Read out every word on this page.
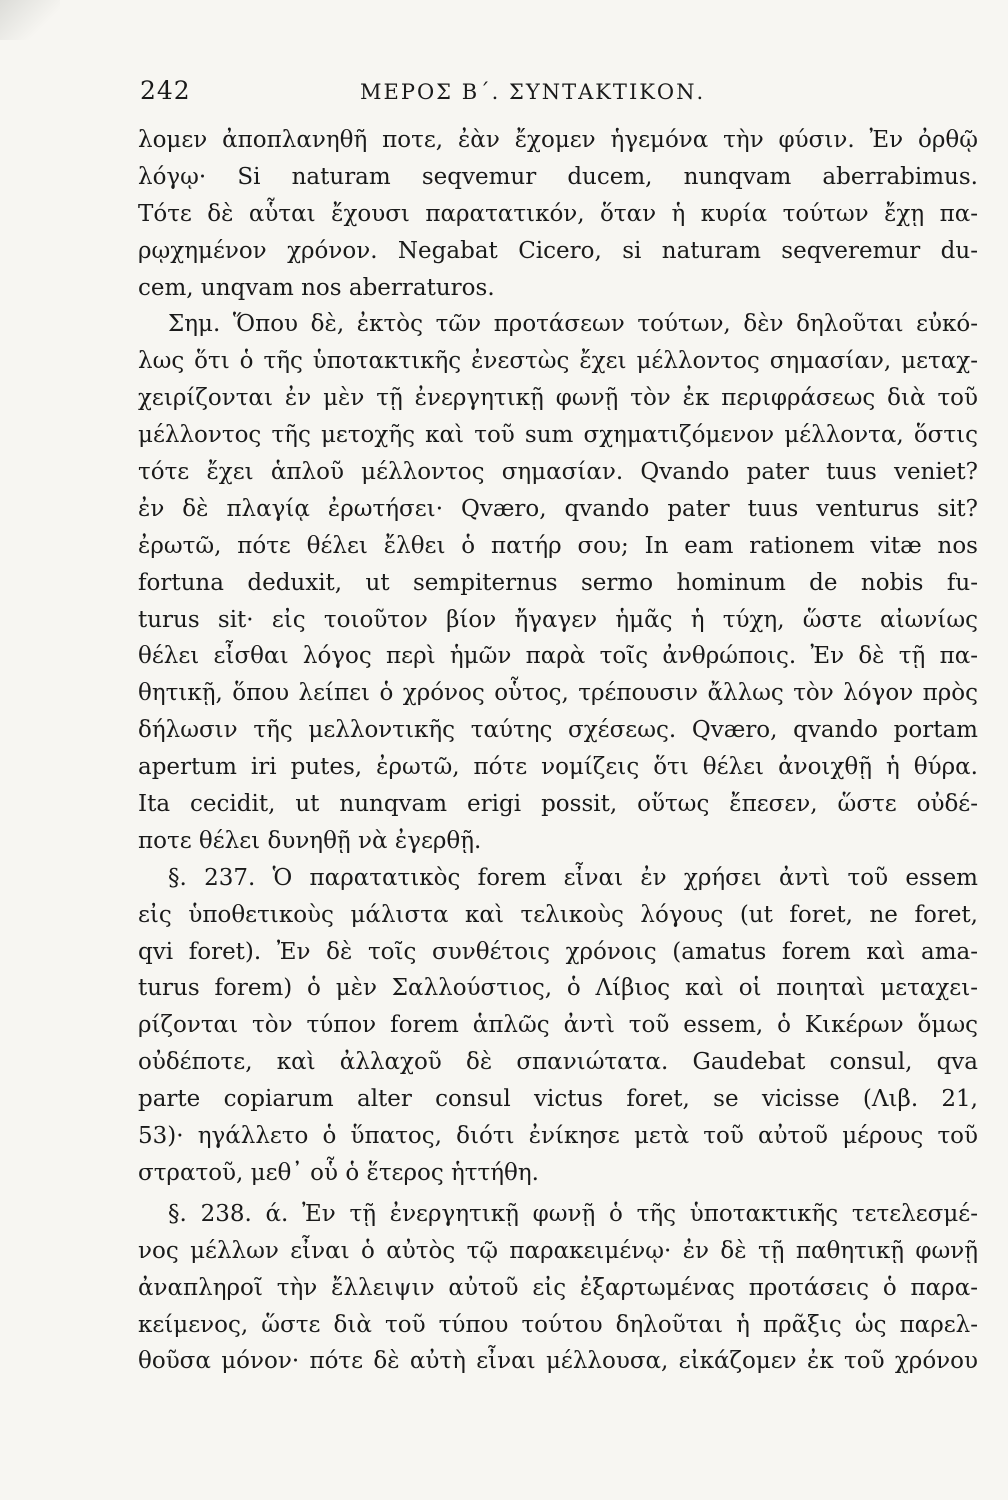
242	ΜΕΡΟΣ Β΄. ΣΥΝΤΑΚΤΙΚΟΝ.
λομεν ἀποπλανηθῆ ποτε, ἐὰν ἔχομεν ἡγεμόνα τὴν φύσιν. Ἐν ὀρθῷ
λόγῳ· Si naturam seqvemur ducem, nunqvam aberrabimus.
Τότε δὲ αὗται ἔχουσι παρατατικόν, ὅταν ἡ κυρία τούτων ἔχῃ πα-
ρῳχημένον χρόνον. Negabat Cicero, si naturam seqveremur du-
cem, unqvam nos aberraturos.
Σημ. Ὅπου δὲ, ἐκτὸς τῶν προτάσεων τούτων, δὲν δηλοῦται εὐκό-
λως ὅτι ὁ τῆς ὑποτακτικῆς ἐνεστὼς ἔχει μέλλοντος σημασίαν, μεταχ-
χειρίζονται ἐν μὲν τῇ ἐνεργητικῇ φωνῇ τὸν ἐκ περιφράσεως διὰ τοῦ
μέλλοντος τῆς μετοχῆς καὶ τοῦ sum σχηματιζόμενον μέλλοντα, ὅστις
τότε ἔχει ἁπλοῦ μέλλοντος σημασίαν. Qvando pater tuus veniet?
ἐν δὲ πλαγίᾳ ἐρωτήσει· Qværo, qvando pater tuus venturus sit?
ἐρωτῶ, πότε θέλει ἔλθει ὁ πατήρ σου; In eam rationem vitæ nos
fortuna deduxit, ut sempiternus sermo hominum de nobis fu-
turus sit· εἰς τοιοῦτον βίον ἤγαγεν ἡμᾶς ἡ τύχη, ὥστε αἰωνίως
θέλει εἶσθαι λόγος περὶ ἡμῶν παρὰ τοῖς ἀνθρώποις. Ἐν δὲ τῇ πα-
θητικῇ, ὅπου λείπει ὁ χρόνος οὗτος, τρέπουσιν ἄλλως τὸν λόγον πρὸς
δήλωσιν τῆς μελλοντικῆς ταύτης σχέσεως. Qværo, qvando portam
apertum iri putes, ἐρωτῶ, πότε νομίζεις ὅτι θέλει ἀνοιχθῇ ἡ θύρα.
Ita cecidit, ut nunqvam erigi possit, οὕτως ἔπεσεν, ὥστε οὐδέ-
ποτε θέλει δυνηθῇ νὰ ἐγερθῇ.
§. 237. Ὁ παρατατικὸς forem εἶναι ἐν χρήσει ἀντὶ τοῦ essem
εἰς ὑποθετικοὺς μάλιστα καὶ τελικοὺς λόγους (ut foret, ne foret,
qvi foret). Ἐν δὲ τοῖς συνθέτοις χρόνοις (amatus forem καὶ ama-
turus forem) ὁ μὲν Σαλλούστιος, ὁ Λίβιος καὶ οἱ ποιηταὶ μεταχει-
ρίζονται τὸν τύπον forem ἁπλῶς ἀντὶ τοῦ essem, ὁ Κικέρων ὅμως
οὐδέποτε, καὶ ἀλλαχοῦ δὲ σπανιώτατα. Gaudebat consul, qva
parte copiarum alter consul victus foret, se vicisse (Λιβ. 21,
53)· ηγάλλετο ὁ ὕπατος, διότι ἐνίκησε μετὰ τοῦ αὐτοῦ μέρους τοῦ
στρατοῦ, μεθ᾿ οὗ ὁ ἕτερος ἡττήθη.
§. 238. ά. Ἐν τῇ ἐνεργητικῇ φωνῇ ὁ τῆς ὑποτακτικῆς τετελεσμέ-
νος μέλλων εἶναι ὁ αὐτὸς τῷ παρακειμένῳ· ἐν δὲ τῇ παθητικῇ φωνῇ
ἀναπληροῖ τὴν ἔλλειψιν αὐτοῦ εἰς ἐξαρτωμένας προτάσεις ὁ παρα-
κείμενος, ὥστε διὰ τοῦ τύπου τούτου δηλοῦται ἡ πρᾶξις ὡς παρελ-
θοῦσα μόνον· πότε δὲ αὐτὴ εἶναι μέλλουσα, εἰκάζομεν ἐκ τοῦ χρόνου
